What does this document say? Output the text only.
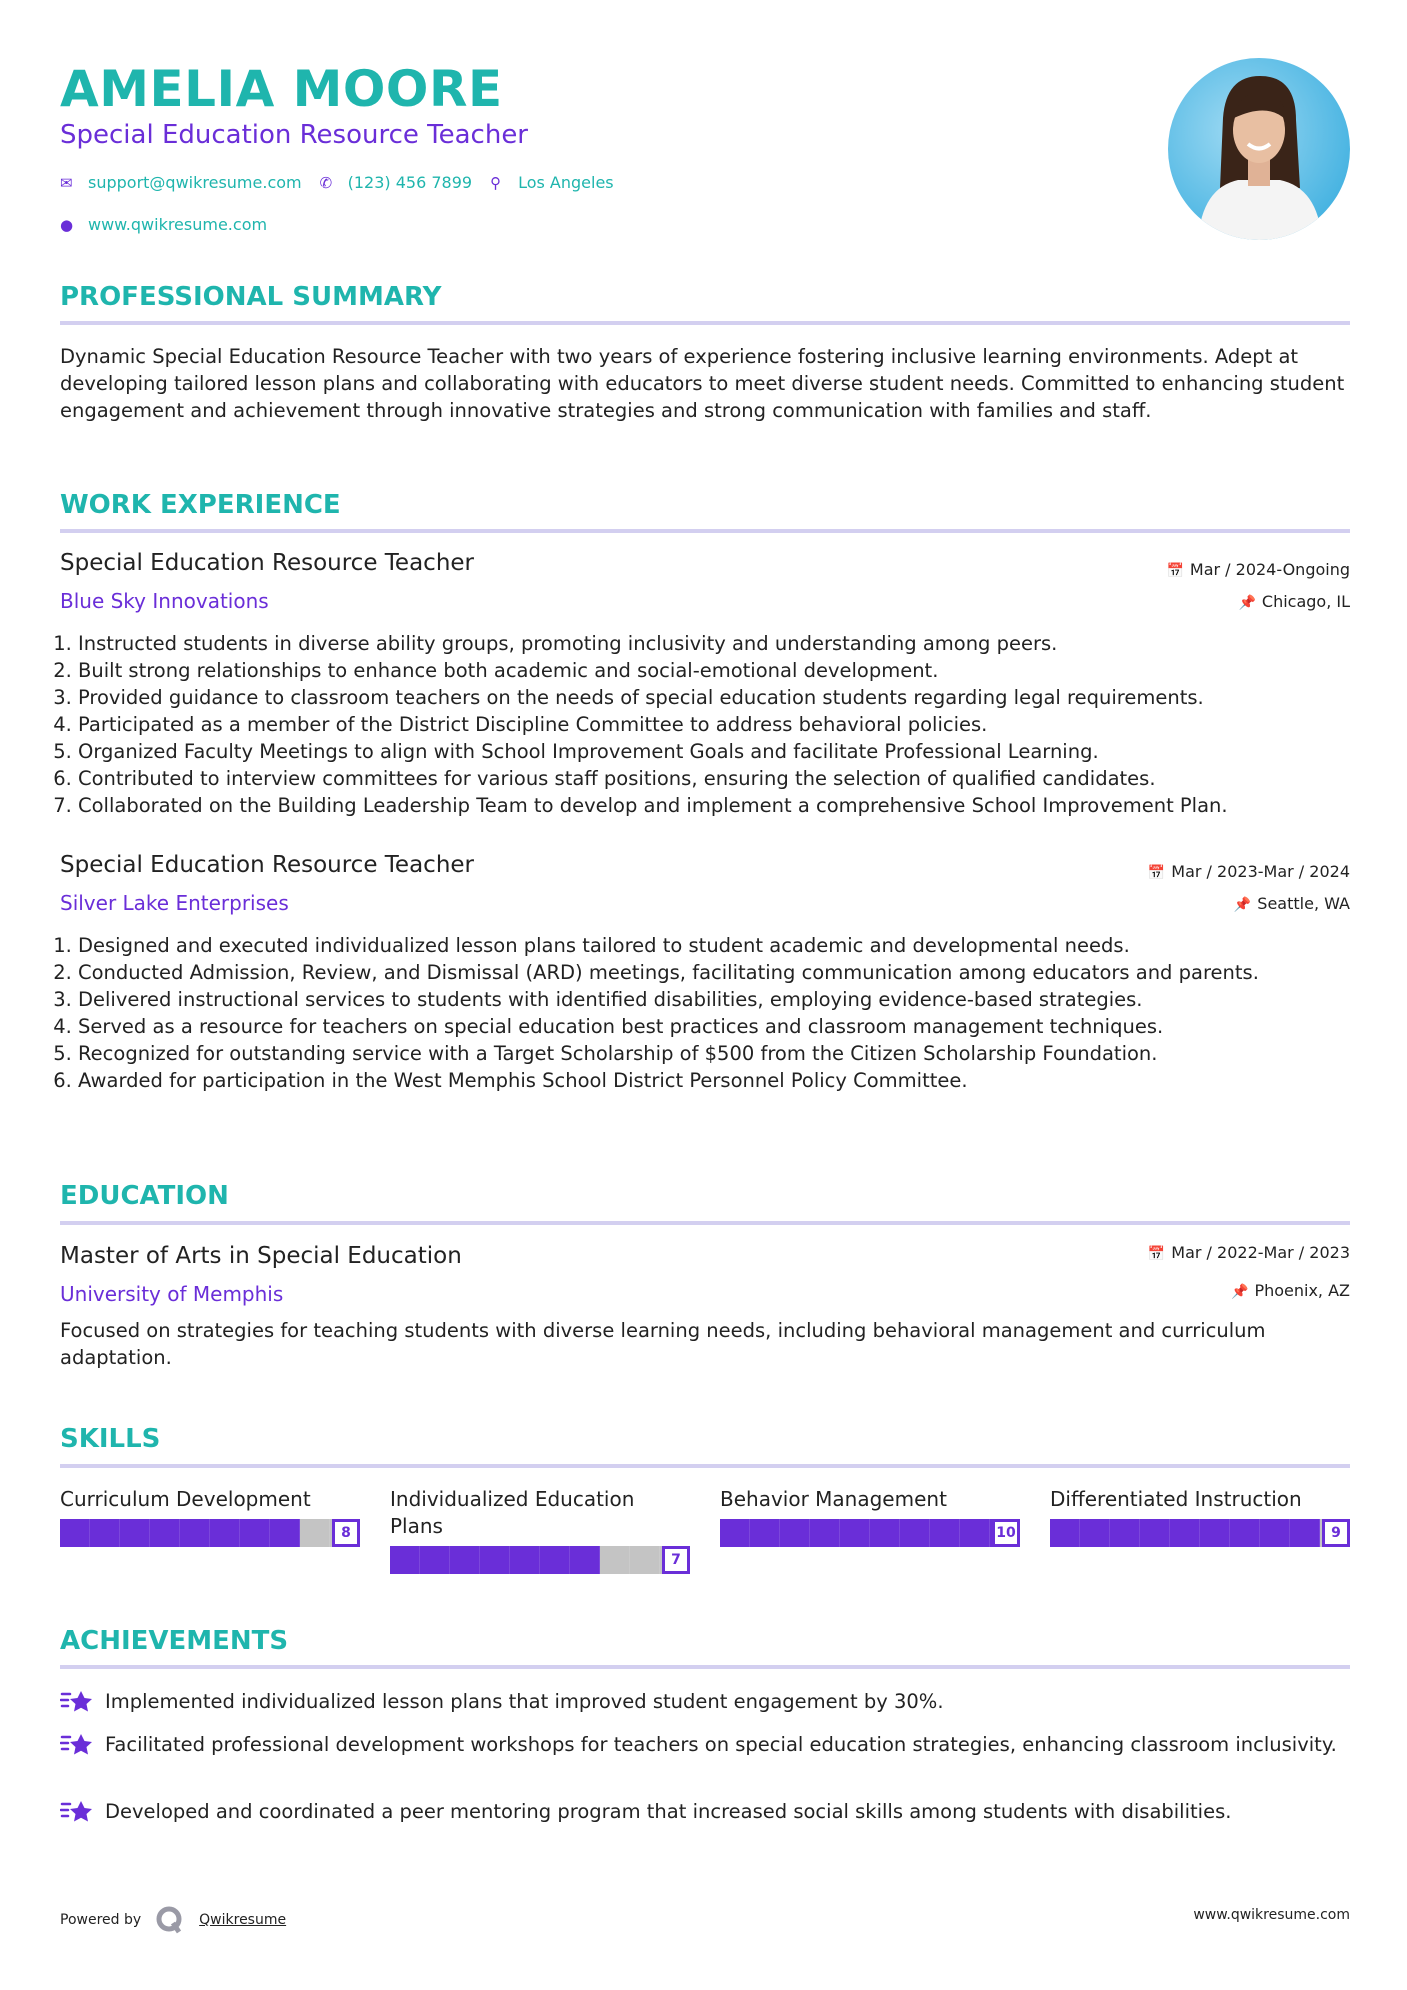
AMELIA MOORE
Special Education Resource Teacher
✉ support@qwikresume.com ✆ (123) 456 7899 ⚲	Los Angeles
● www.qwikresume.com
PROFESSIONAL SUMMARY
Dynamic Special Education Resource Teacher with two years of experience fostering inclusive learning environments. Adept at developing tailored lesson plans and collaborating with educators to meet diverse student needs. Committed to enhancing student engagement and achievement through innovative strategies and strong communication with families and staff.
WORK EXPERIENCE
Special Education Resource Teacher
Blue Sky Innovations
📅 Mar / 2024-Ongoing
📌 Chicago, IL
1. Instructed students in diverse ability groups, promoting inclusivity and understanding among peers.
2. Built strong relationships to enhance both academic and social-emotional development.
3. Provided guidance to classroom teachers on the needs of special education students regarding legal requirements.
4. Participated as a member of the District Discipline Committee to address behavioral policies.
5. Organized Faculty Meetings to align with School Improvement Goals and facilitate Professional Learning.
6. Contributed to interview committees for various staff positions, ensuring the selection of qualified candidates.
7. Collaborated on the Building Leadership Team to develop and implement a comprehensive School Improvement Plan.
Special Education Resource Teacher
Silver Lake Enterprises
📅 Mar / 2023-Mar / 2024
📌 Seattle, WA
1. Designed and executed individualized lesson plans tailored to student academic and developmental needs.
2. Conducted Admission, Review, and Dismissal (ARD) meetings, facilitating communication among educators and parents.
3. Delivered instructional services to students with identified disabilities, employing evidence-based strategies.
4. Served as a resource for teachers on special education best practices and classroom management techniques.
5. Recognized for outstanding service with a Target Scholarship of $500 from the Citizen Scholarship Foundation.
6. Awarded for participation in the West Memphis School District Personnel Policy Committee.
EDUCATION
Master of Arts in Special Education
University of Memphis
📅 Mar / 2022-Mar / 2023
📌 Phoenix, AZ
Focused on strategies for teaching students with diverse learning needs, including behavioral management and curriculum adaptation.
SKILLS
Curriculum Development
8
Individualized Education Plans
7
Behavior Management
10
Differentiated Instruction
9
ACHIEVEMENTS
Implemented individualized lesson plans that improved student engagement by 30%.
Facilitated professional development workshops for teachers on special education strategies, enhancing classroom inclusivity.
Developed and coordinated a peer mentoring program that increased social skills among students with disabilities.
Powered by	Qwikresume	www.qwikresume.com
